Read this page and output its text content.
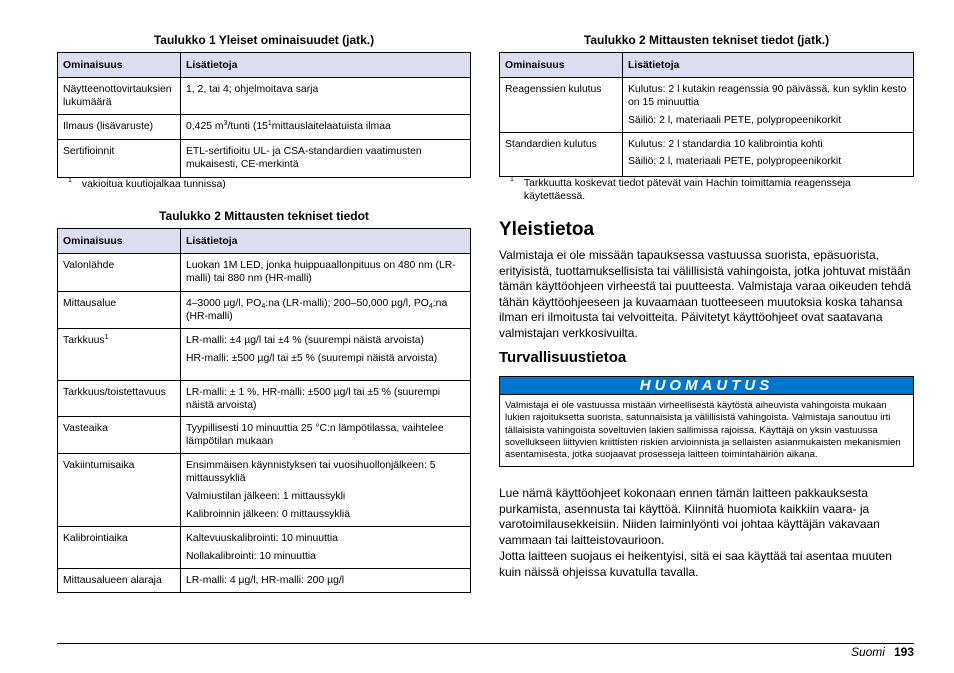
Taulukko 1 Yleiset ominaisuudet (jatk.)
Ominaisuus	Lisätietoja
Näytteenottovirtauksien lukumäärä	1, 2, tai 4; ohjelmoitava sarja
Ilmaus (lisävaruste)	0,425 $m^3$/tunti ($15^1mittauslaitelaatuista$ ilmaa
Sertifioinnit	ETL-sertifioitu UL- ja CSA-standardien vaatimusten mukaisesti, CE-merkintä
$^1$ vakioitua kuutiojalkaa tunnissa)
Taulukko 2 Mittausten tekniset tiedot
Ominaisuus	Lisätietoja
Valonlähde	Luokan 1M LED, jonka huippuaallonpituus on 480 nm (LR-malli) tai 880 nm (HR-malli)

Mittausalue	4–3000 µg/l, $PO_4:na$ (LR-malli); 200–50,000 µg/l, $PO_4:na$ (HR-malli)
Tarkkuus$^1$	LR-malli: ±4 µg/l tai ±4 % (suurempi näistä arvoista)

HR-malli: ±500 µg/l tai ±5 % (suurempi näistä arvoista)

Tarkkuus/toistettavuus	LR-malli: ± 1 %, HR-malli: ±500 µg/l tai ±5 % (suurempi näistä arvoista)

Vasteaika	Tyypillisesti 10 minuuttia 25 °C:n lämpötilassa, vaihtelee lämpötilan mukaan

Vakiintumisaika	Ensimmäisen käynnistyksen tai vuosihuollonjälkeen: 5 mittaussykliä

Valmiustilan jälkeen: 1 mittaussykli

Kalibroinnin jälkeen: 0 mittaussykliä

Kalibrointiaika	Kaltevuuskalibrointi: 10 minuuttia

Nollakalibrointi: 10 minuuttia

Mittausalueen alaraja	LR-malli: 4 µg/l, HR-malli: 200 µg/l

Taulukko 2 Mittausten tekniset tiedot (jatk.)
Ominaisuus	Lisätietoja
Reagenssien kulutus	Kulutus: 2 l kutakin reagenssia 90 päivässä, kun syklin kesto on 15 minuuttia

Säiliö: 2 l, materiaali PETE, polypropeenikorkit

Standardien kulutus	Kulutus: 2 l standardia 10 kalibrointia kohti

Säiliö: 2 l, materiaali PETE, polypropeenikorkit

$^1$ Tarkkuutta koskevat tiedot pätevät vain Hachin toimittamia reagensseja käytettäessä.
Yleistietoa

Valmistaja ei ole missään tapauksessa vastuussa suorista, epäsuorista, erityisistä, tuottamuksellisista tai välillisistä vahingoista, jotka johtuvat mistään tämän käyttöohjeen virheestä tai puutteesta. Valmistaja varaa oikeuden tehdä tähän käyttöohjeeseen ja kuvaamaan tuotteeseen muutoksia koska tahansa ilman eri ilmoitusta tai velvoitteita. Päivitetyt käyttöohjeet ovat saatavana valmistajan verkkosivuilta.

Turvallisuustietoa
HUOMAUTUS
Valmistaja ei ole vastuussa mistään virheellisestä käytöstä aiheuvista vahingoista mukaan lukien rajoituksetta suorista, satunnaisista ja välillisistä vahingoista. Valmistaja sanoutuu irti tällaisista vahingoista soveltuvien lakien sallimissa rajoissa. Käyttäjä on yksin vastuussa sovellukseen liittyvien kriittisten riskien arvioinnista ja sellaisten asianmukaisten mekanismien asentamisesta, jotka suojaavat prosesseja laitteen toimintahäiriön aikana.

Lue nämä käyttöohjeet kokonaan ennen tämän laitteen pakkauksesta purkamista, asennusta tai käyttöä. Kiinnitä huomiota kaikkiin vaara- ja varotoimilausekkeisiin. Niiden laiminlyönti voi johtaa käyttäjän vakavaan vammaan tai laitteistovaurioon.

Jotta laitteen suojaus ei heikentyisi, sitä ei saa käyttää tai asentaa muuten kuin näissä ohjeissa kuvatulla tavalla.

Suomi 193
